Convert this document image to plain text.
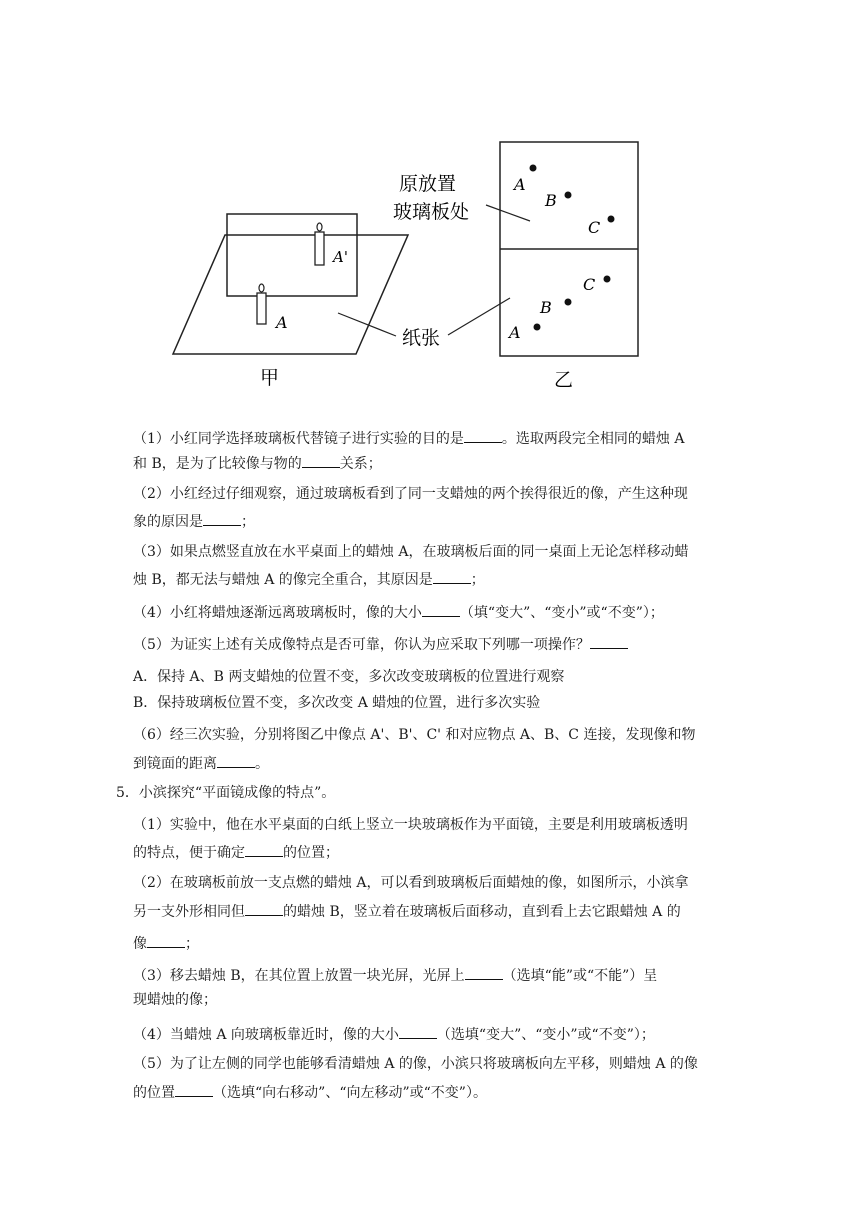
A'
A
原放置
玻璃板处
纸张
A
B
C
C
B
A
甲	乙
（1）小红同学选择玻璃板代替镜子进行实验的目的是	。选取两段完全相同的蜡烛 A
和 B，是为了比较像与物的	关系；
（2）小红经过仔细观察，通过玻璃板看到了同一支蜡烛的两个挨得很近的像，产生这种现
象的原因是	；
（3）如果点燃竖直放在水平桌面上的蜡烛 A，在玻璃板后面的同一桌面上无论怎样移动蜡
烛 B，都无法与蜡烛 A 的像完全重合，其原因是	；
（4）小红将蜡烛逐渐远离玻璃板时，像的大小	（填“变大”、“变小”或“不变”）；
（5）为证实上述有关成像特点是否可靠，你认为应采取下列哪一项操作？
A．保持 A、B 两支蜡烛的位置不变，多次改变玻璃板的位置进行观察
B．保持玻璃板位置不变，多次改变 A 蜡烛的位置，进行多次实验
（6）经三次实验，分别将图乙中像点 A'、B'、C' 和对应物点 A、B、C 连接，发现像和物
到镜面的距离	。
5．小滨探究“平面镜成像的特点”。
（1）实验中，他在水平桌面的白纸上竖立一块玻璃板作为平面镜，主要是利用玻璃板透明
的特点，便于确定	的位置；
（2）在玻璃板前放一支点燃的蜡烛 A，可以看到玻璃板后面蜡烛的像，如图所示，小滨拿
另一支外形相同但	的蜡烛 B，竖立着在玻璃板后面移动，直到看上去它跟蜡烛 A 的
像	；
（3）移去蜡烛 B，在其位置上放置一块光屏，光屏上	（选填“能”或“不能”）呈
现蜡烛的像；
（4）当蜡烛 A 向玻璃板靠近时，像的大小	（选填“变大”、“变小”或“不变”）；
（5）为了让左侧的同学也能够看清蜡烛 A 的像，小滨只将玻璃板向左平移，则蜡烛 A 的像
的位置	（选填“向右移动”、“向左移动”或“不变”）。
